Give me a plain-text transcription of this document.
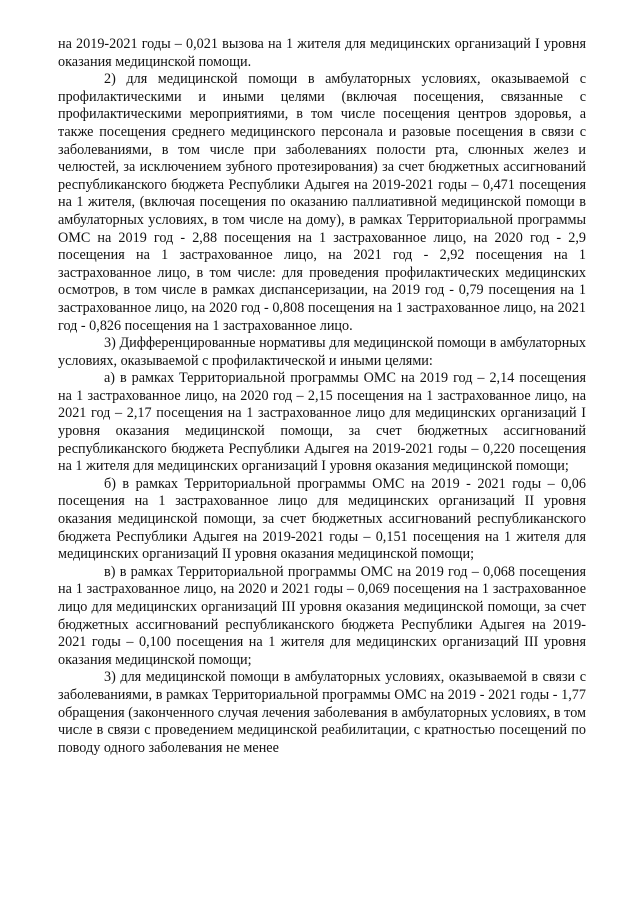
на 2019-2021 годы – 0,021 вызова на 1 жителя для медицинских организаций I уровня оказания медицинской помощи.

2) для медицинской помощи в амбулаторных условиях, оказываемой с профилактическими и иными целями (включая посещения, связанные с профилактическими мероприятиями, в том числе посещения центров здоровья, а также посещения среднего медицинского персонала и разовые посещения в связи с заболеваниями, в том числе при заболеваниях полости рта, слюнных желез и челюстей, за исключением зубного протезирования) за счет бюджетных ассигнований республиканского бюджета Республики Адыгея на 2019-2021 годы – 0,471 посещения на 1 жителя, (включая посещения по оказанию паллиативной медицинской помощи в амбулаторных условиях, в том числе на дому), в рамках Территориальной программы ОМС на 2019 год - 2,88 посещения на 1 застрахованное лицо, на 2020 год - 2,9 посещения на 1 застрахованное лицо, на 2021 год - 2,92 посещения на 1 застрахованное лицо, в том числе: для проведения профилактических медицинских осмотров, в том числе в рамках диспансеризации, на 2019 год - 0,79 посещения на 1 застрахованное лицо, на 2020 год - 0,808 посещения на 1 застрахованное лицо, на 2021 год - 0,826 посещения на 1 застрахованное лицо.

3) Дифференцированные нормативы для медицинской помощи в амбулаторных условиях, оказываемой с профилактической и иными целями:

а) в рамках Территориальной программы ОМС на 2019 год – 2,14 посещения на 1 застрахованное лицо, на 2020 год – 2,15 посещения на 1 застрахованное лицо, на 2021 год – 2,17 посещения на 1 застрахованное лицо для медицинских организаций I уровня оказания медицинской помощи, за счет бюджетных ассигнований республиканского бюджета Республики Адыгея на 2019-2021 годы – 0,220 посещения на 1 жителя для медицинских организаций I уровня оказания медицинской помощи;

б) в рамках Территориальной программы ОМС на 2019 - 2021 годы – 0,06 посещения на 1 застрахованное лицо для медицинских организаций II уровня оказания медицинской помощи, за счет бюджетных ассигнований республиканского бюджета Республики Адыгея на 2019-2021 годы – 0,151 посещения на 1 жителя для медицинских организаций II уровня оказания медицинской помощи;

в) в рамках Территориальной программы ОМС на 2019 год – 0,068 посещения на 1 застрахованное лицо, на 2020 и 2021 годы – 0,069 посещения на 1 застрахованное лицо для медицинских организаций III уровня оказания медицинской помощи, за счет бюджетных ассигнований республиканского бюджета Республики Адыгея на 2019-2021 годы – 0,100 посещения на 1 жителя для медицинских организаций III уровня оказания медицинской помощи;

3) для медицинской помощи в амбулаторных условиях, оказываемой в связи с заболеваниями, в рамках Территориальной программы ОМС на 2019 - 2021 годы - 1,77 обращения (законченного случая лечения заболевания в амбулаторных условиях, в том числе в связи с проведением медицинской реабилитации, с кратностью посещений по поводу одного заболевания не менее
